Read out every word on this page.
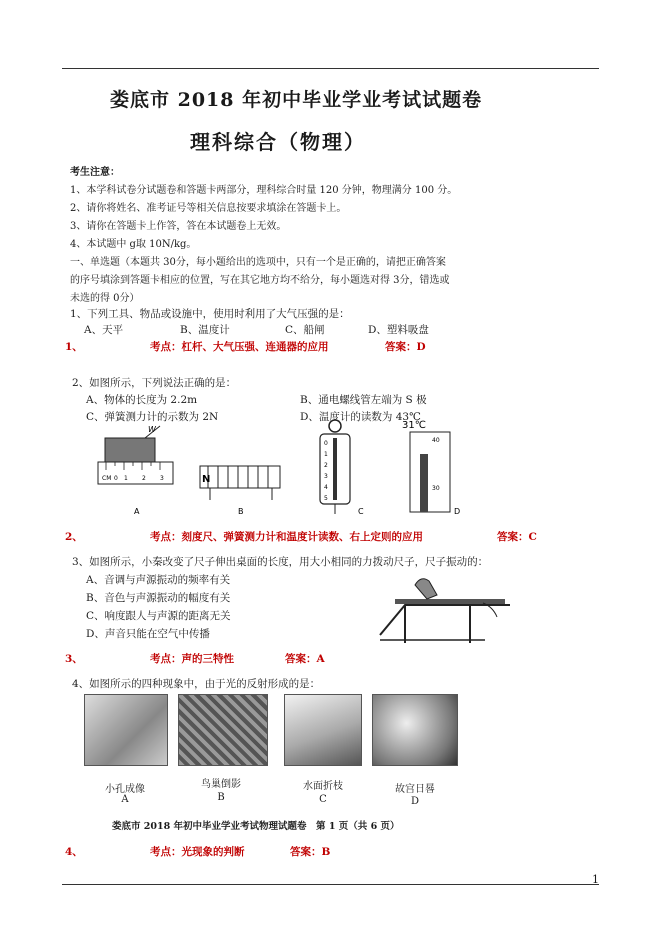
娄底市 2018 年初中毕业学业考试试题卷
理科综合（物理）
考生注意：
1、本学科试卷分试题卷和答题卡两部分，理科综合时量 120 分钟，物理满分 100 分。
2、请你将姓名、准考证号等相关信息按要求填涂在答题卡上。
3、请你在答题卡上作答，答在本试题卷上无效。
4、本试题中 g取 10N/kg。
一、单选题（本题共 30分，每小题给出的选项中，只有一个是正确的，请把正确答案
的序号填涂到答题卡相应的位置，写在其它地方均不给分，每小题选对得 3分，错选或
未选的得 0分）
1、下列工具、物品或设施中，使用时利用了大气压强的是：
A、天平	B、温度计	C、船闸	D、塑料吸盘
1、	考点：杠杆、大气压强、连通器的应用	答案：D
2、如图所示，下列说法正确的是：
A、物体的长度为 2.2m	B、通电螺线管左端为 S 极
C、弹簧测力计的示数为 2N	D、温度计的读数为 43℃
W
CM 0 1 2 3	N
0
1
2
3
4
5
31℃
40
30
A	B	C	D
2、	考点：刻度尺、弹簧测力计和温度计读数、右上定则的应用	答案：C
3、如图所示，小秦改变了尺子伸出桌面的长度，用大小相同的力拨动尺子，尺子振动的：
A、音调与声源振动的频率有关
B、音色与声源振动的幅度有关
C、响度跟人与声源的距离无关
D、声音只能在空气中传播
3、	考点：声的三特性	答案：A
4、如图所示的四种现象中，由于光的反射形成的是：
小孔成像	鸟巢倒影	水面折枝	故宫日晷
A	B	C	D
娄底市 2018 年初中毕业学业考试物理试题卷　第 1 页（共 6 页）
4、	考点：光现象的判断	答案：B
1
